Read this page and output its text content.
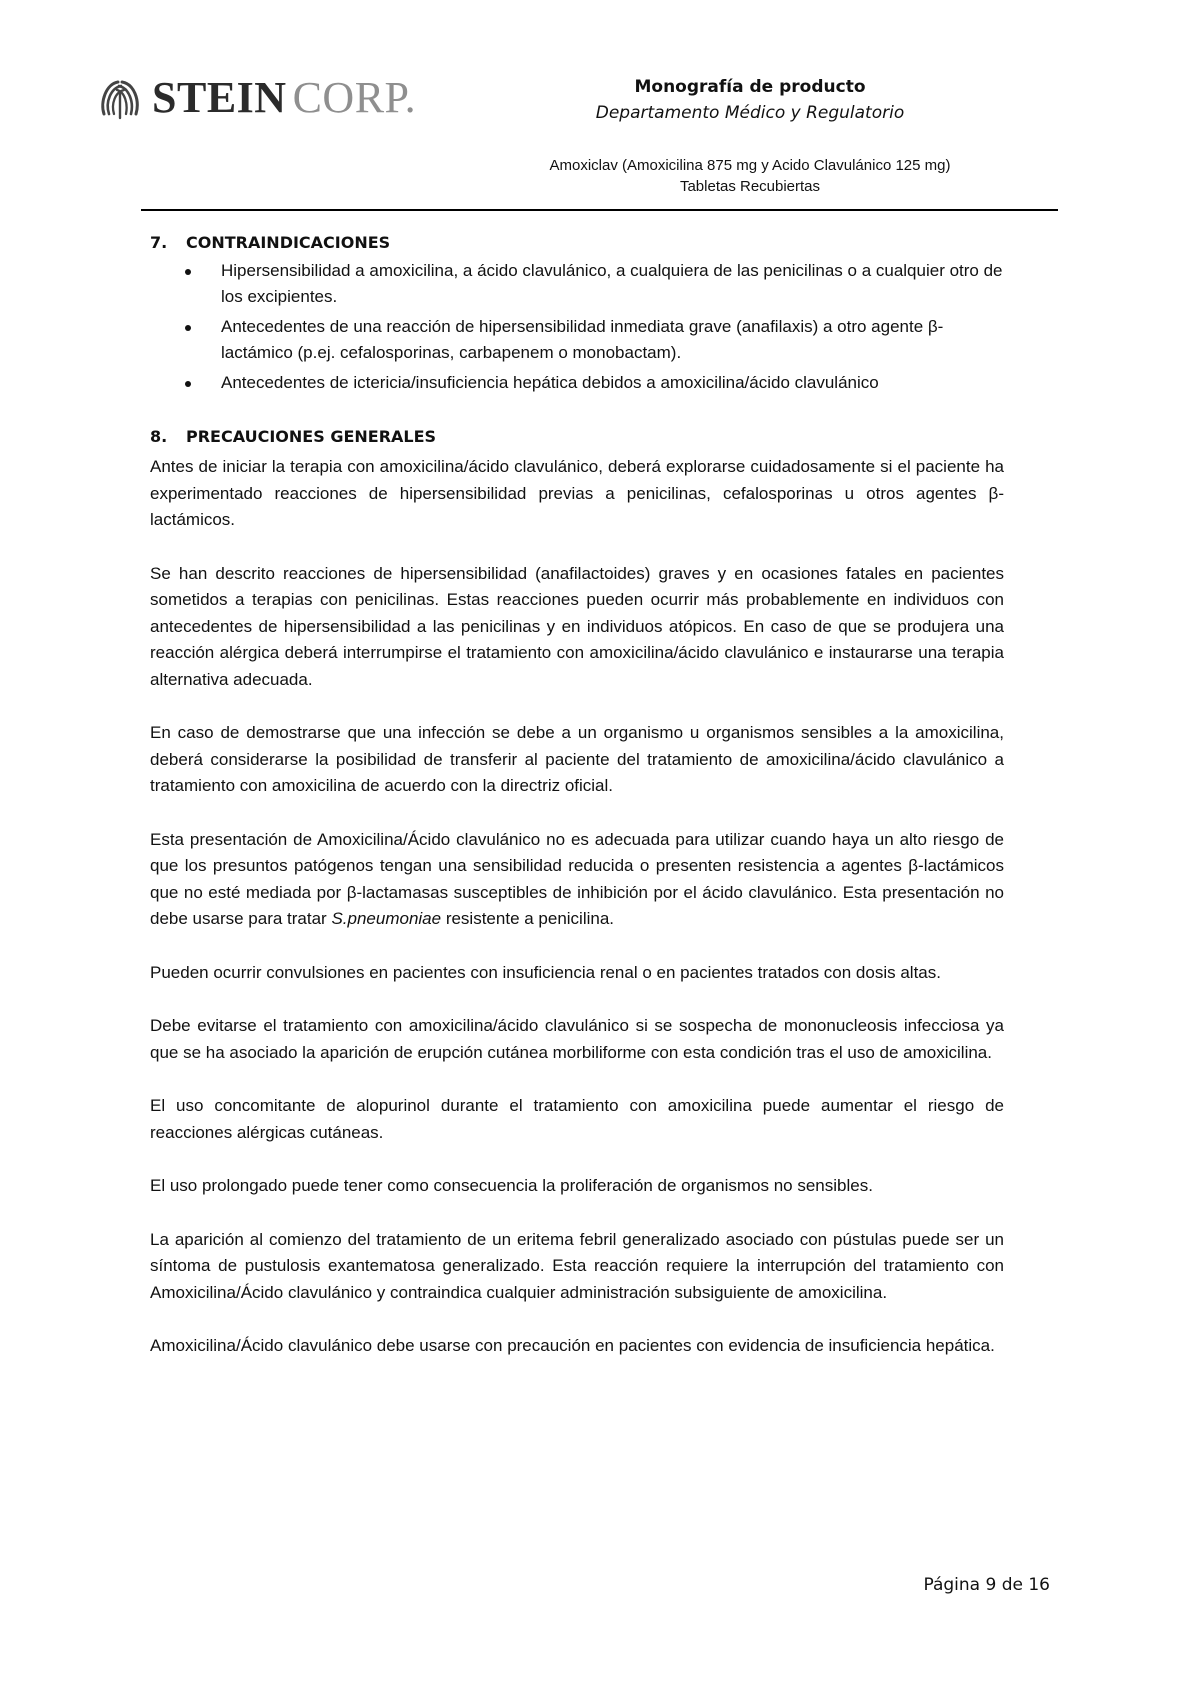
STEIN CORP.	Monografía de producto
Departamento Médico y Regulatorio
Amoxiclav (Amoxicilina 875 mg y Acido Clavulánico 125 mg)
Tabletas Recubiertas
7. CONTRAINDICACIONES
Hipersensibilidad a amoxicilina, a ácido clavulánico, a cualquiera de las penicilinas o a cualquier otro de los excipientes.
Antecedentes de una reacción de hipersensibilidad inmediata grave (anafilaxis) a otro agente β-lactámico (p.ej. cefalosporinas, carbapenem o monobactam).
Antecedentes de ictericia/insuficiencia hepática debidos a amoxicilina/ácido clavulánico
8. PRECAUCIONES GENERALES

Antes de iniciar la terapia con amoxicilina/ácido clavulánico, deberá explorarse cuidadosamente si el paciente ha experimentado reacciones de hipersensibilidad previas a penicilinas, cefalosporinas u otros agentes β-lactámicos.

Se han descrito reacciones de hipersensibilidad (anafilactoides) graves y en ocasiones fatales en pacientes sometidos a terapias con penicilinas. Estas reacciones pueden ocurrir más probablemente en individuos con antecedentes de hipersensibilidad a las penicilinas y en individuos atópicos. En caso de que se produjera una reacción alérgica deberá interrumpirse el tratamiento con amoxicilina/ácido clavulánico e instaurarse una terapia alternativa adecuada.

En caso de demostrarse que una infección se debe a un organismo u organismos sensibles a la amoxicilina, deberá considerarse la posibilidad de transferir al paciente del tratamiento de amoxicilina/ácido clavulánico a tratamiento con amoxicilina de acuerdo con la directriz oficial.

Esta presentación de Amoxicilina/Ácido clavulánico no es adecuada para utilizar cuando haya un alto riesgo de que los presuntos patógenos tengan una sensibilidad reducida o presenten resistencia a agentes β-lactámicos que no esté mediada por β-lactamasas susceptibles de inhibición por el ácido clavulánico. Esta presentación no debe usarse para tratar S.pneumoniae resistente a penicilina.

Pueden ocurrir convulsiones en pacientes con insuficiencia renal o en pacientes tratados con dosis altas.

Debe evitarse el tratamiento con amoxicilina/ácido clavulánico si se sospecha de mononucleosis infecciosa ya que se ha asociado la aparición de erupción cutánea morbiliforme con esta condición tras el uso de amoxicilina.

El uso concomitante de alopurinol durante el tratamiento con amoxicilina puede aumentar el riesgo de reacciones alérgicas cutáneas.

El uso prolongado puede tener como consecuencia la proliferación de organismos no sensibles.

La aparición al comienzo del tratamiento de un eritema febril generalizado asociado con pústulas puede ser un síntoma de pustulosis exantematosa generalizado. Esta reacción requiere la interrupción del tratamiento con Amoxicilina/Ácido clavulánico y contraindica cualquier administración subsiguiente de amoxicilina.

Amoxicilina/Ácido clavulánico debe usarse con precaución en pacientes con evidencia de insuficiencia hepática.

Página 9 de 16
